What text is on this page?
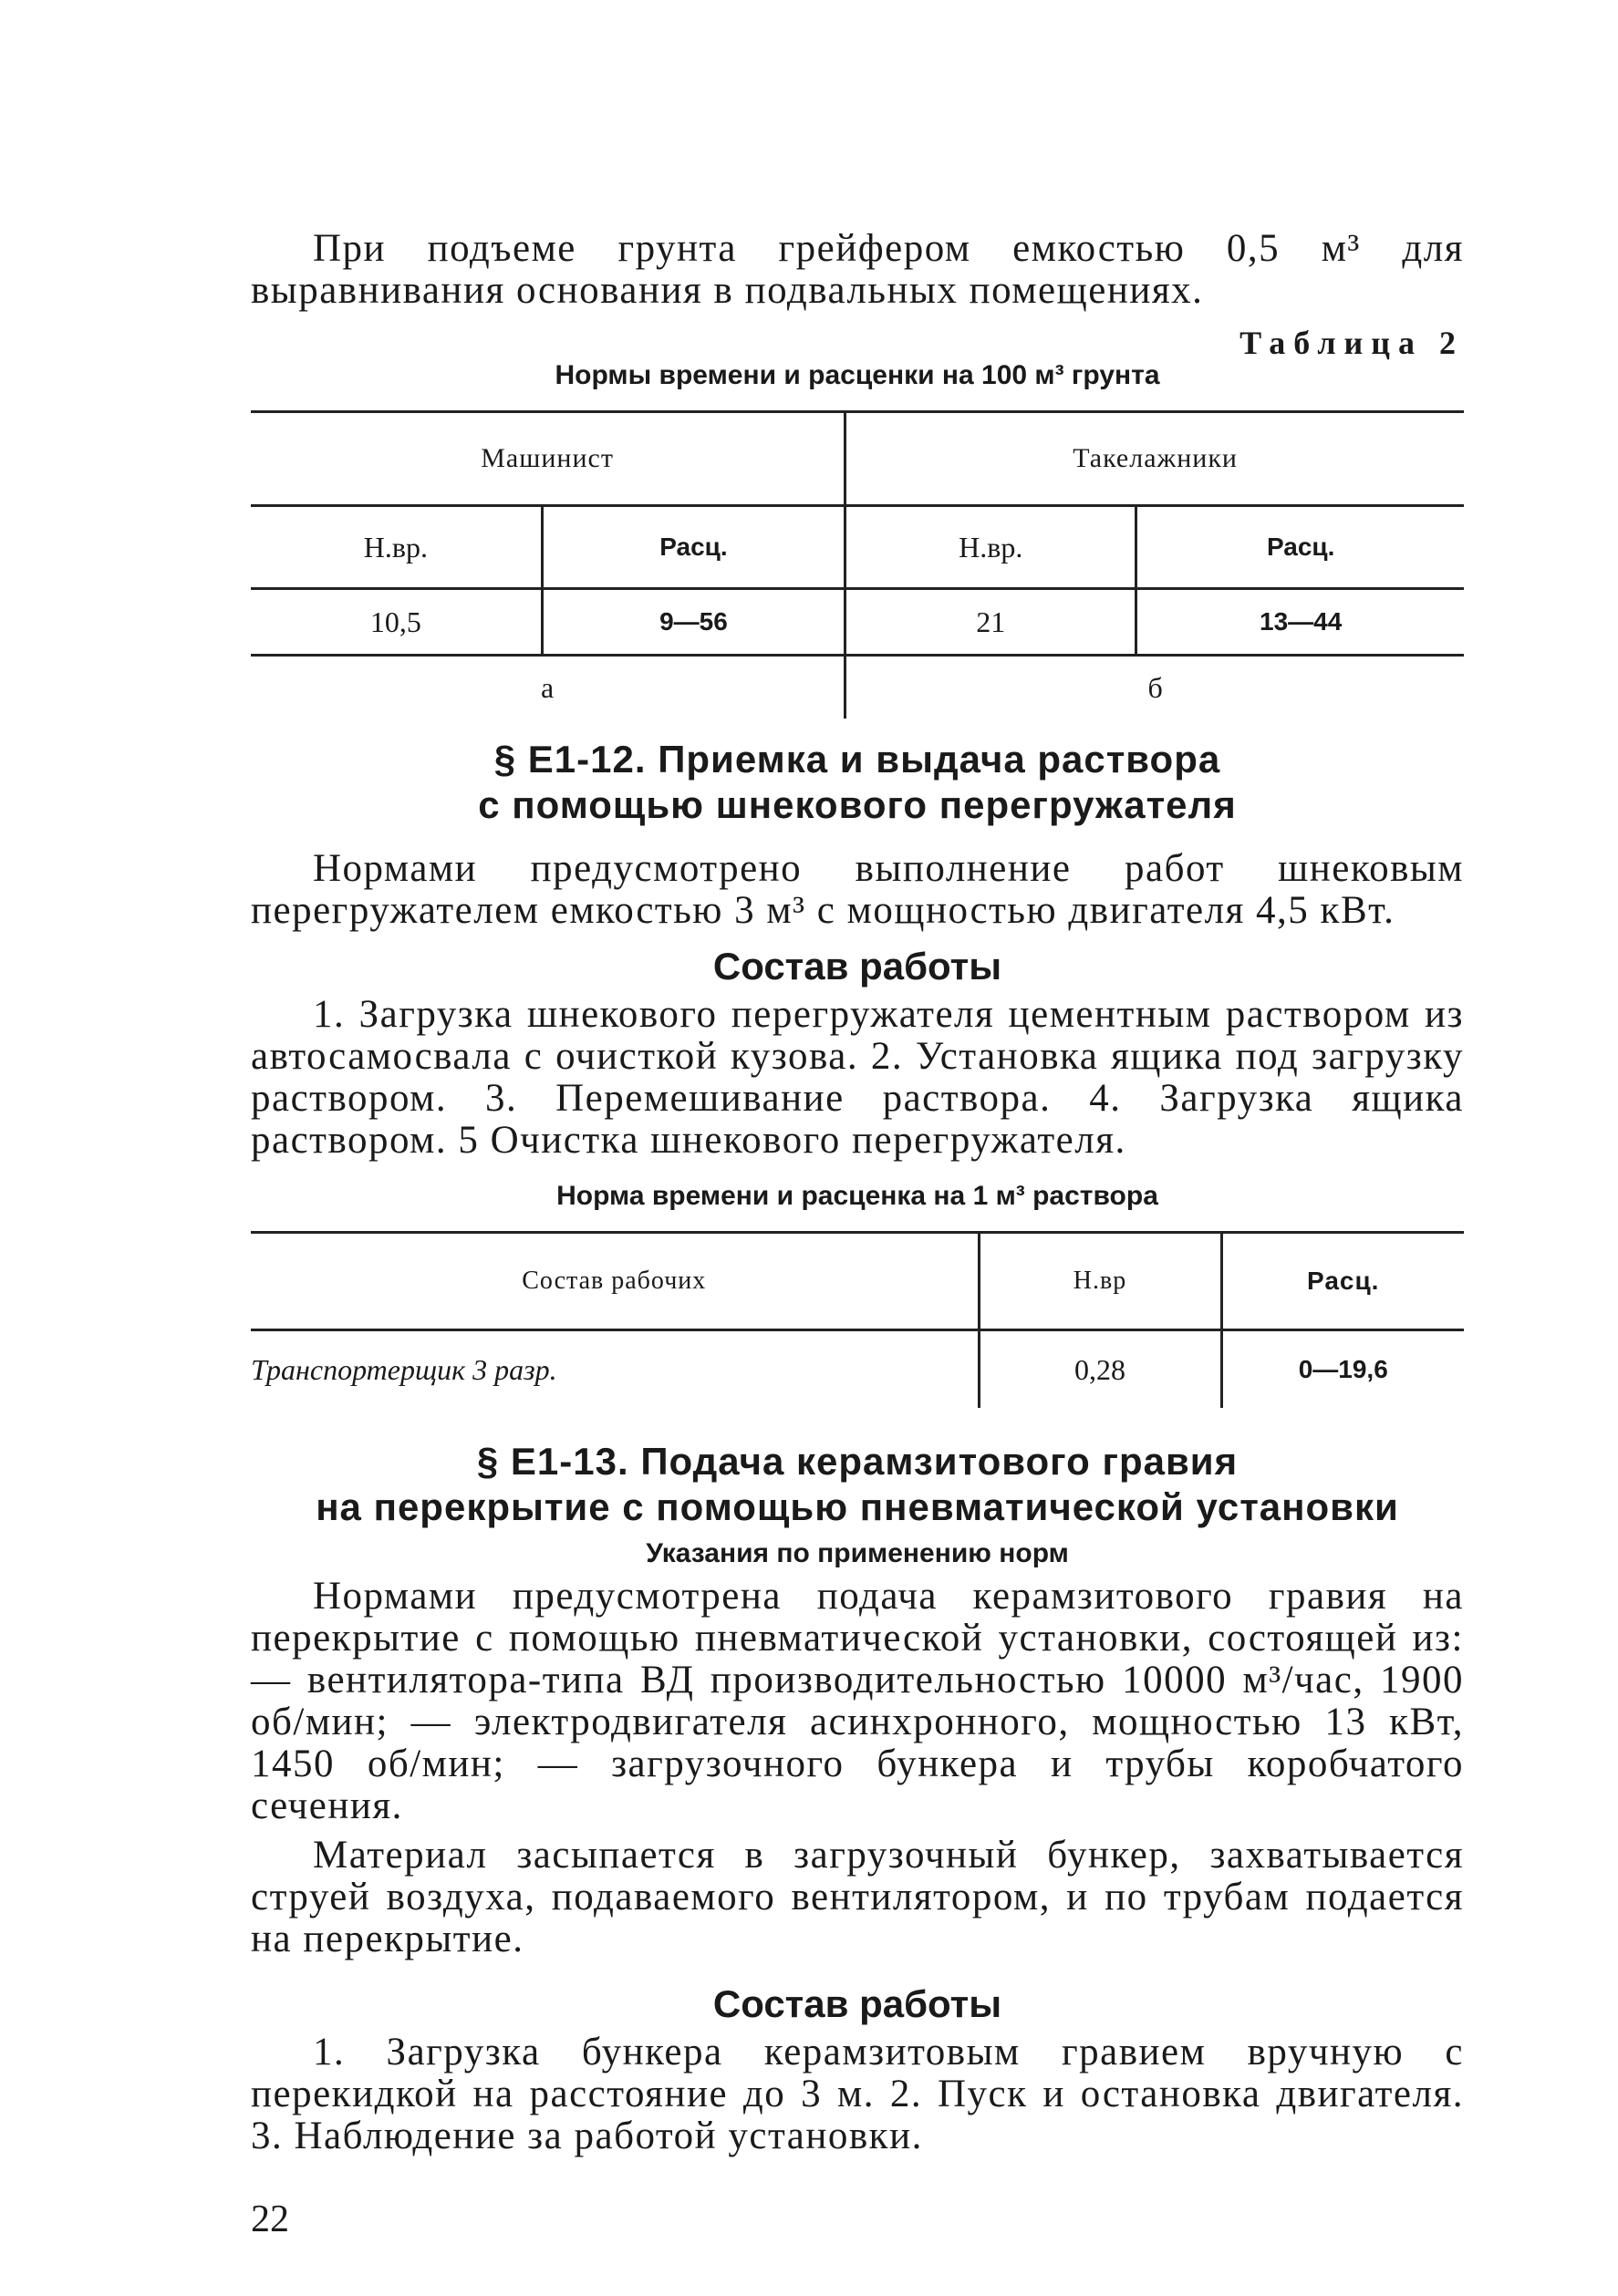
При подъеме грунта грейфером емкостью 0,5 м³ для выравнивания основания в подвальных помещениях.

Таблица 2
Нормы времени и расценки на 100 м³ грунта
Машинист		Такелажники	
Н.вр.	Расц.	Н.вр.	Расц.
10,5	9—56	21	13—44
а		б	
§ Е1-12. Приемка и выдача раствора
с помощью шнекового перегружателя

Нормами предусмотрено выполнение работ шнековым перегружателем емкостью 3 м³ с мощностью двигателя 4,5 кВт.

Состав работы

1. Загрузка шнекового перегружателя цементным раствором из автосамосвала с очисткой кузова. 2. Установка ящика под загрузку раствором. 3. Перемешивание раствора. 4. Загрузка ящика раствором. 5 Очистка шнекового перегружателя.

Норма времени и расценка на 1 м³ раствора
Состав рабочих	Н.вр	Расц.
Транспортерщик 3 разр.	0,28	0—19,6
§ Е1-13. Подача керамзитового гравия
на перекрытие с помощью пневматической установки
Указания по применению норм

Нормами предусмотрена подача керамзитового гравия на перекрытие с помощью пневматической установки, состоящей из: — вентилятора-типа ВД производительностью 10000 м³/час, 1900 об/мин; — электродвигателя асинхронного, мощностью 13 кВт, 1450 об/мин; — загрузочного бункера и трубы коробчатого сечения.

Материал засыпается в загрузочный бункер, захватывается струей воздуха, подаваемого вентилятором, и по трубам подается на перекрытие.

Состав работы

1. Загрузка бункера керамзитовым гравием вручную с перекидкой на расстояние до 3 м. 2. Пуск и остановка двигателя. 3. Наблюдение за работой установки.

22
